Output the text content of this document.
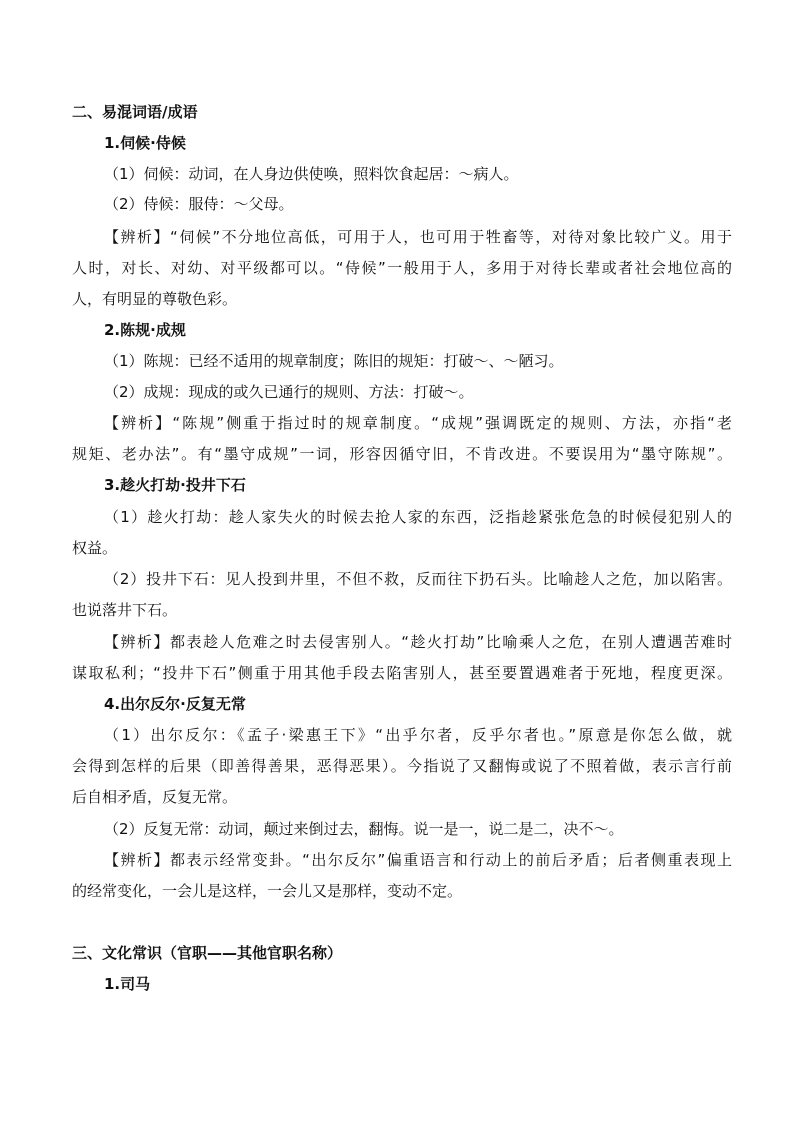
二、易混词语/成语
1.伺候·侍候
（1）伺候：动词，在人身边供使唤，照料饮食起居：～病人。
（2）侍候：服侍：～父母。
【辨析】“伺候”不分地位高低，可用于人，也可用于牲畜等，对待对象比较广义。用于
人时，对长、对幼、对平级都可以。“侍候”一般用于人，多用于对待长辈或者社会地位高的
人，有明显的尊敬色彩。
2.陈规·成规
（1）陈规：已经不适用的规章制度；陈旧的规矩：打破～、～陋习。
（2）成规：现成的或久已通行的规则、方法：打破～。
【辨析】“陈规”侧重于指过时的规章制度。“成规”强调既定的规则、方法，亦指“老
规矩、老办法”。有“墨守成规”一词，形容因循守旧，不肯改进。不要误用为“墨守陈规”。
3.趁火打劫·投井下石
（1）趁火打劫：趁人家失火的时候去抢人家的东西，泛指趁紧张危急的时候侵犯别人的
权益。
（2）投井下石：见人投到井里，不但不救，反而往下扔石头。比喻趁人之危，加以陷害。
也说落井下石。
【辨析】都表趁人危难之时去侵害别人。“趁火打劫”比喻乘人之危，在别人遭遇苦难时
谋取私利；“投井下石”侧重于用其他手段去陷害别人，甚至要置遇难者于死地，程度更深。
4.出尔反尔·反复无常
（1）出尔反尔：《孟子·梁惠王下》“出乎尔者，反乎尔者也。”原意是你怎么做，就
会得到怎样的后果（即善得善果，恶得恶果）。今指说了又翻悔或说了不照着做，表示言行前
后自相矛盾，反复无常。
（2）反复无常：动词，颠过来倒过去，翻悔。说一是一，说二是二，决不～。
【辨析】都表示经常变卦。“出尔反尔”偏重语言和行动上的前后矛盾；后者侧重表现上
的经常变化，一会儿是这样，一会儿又是那样，变动不定。
三、文化常识（官职——其他官职名称）
1.司马
